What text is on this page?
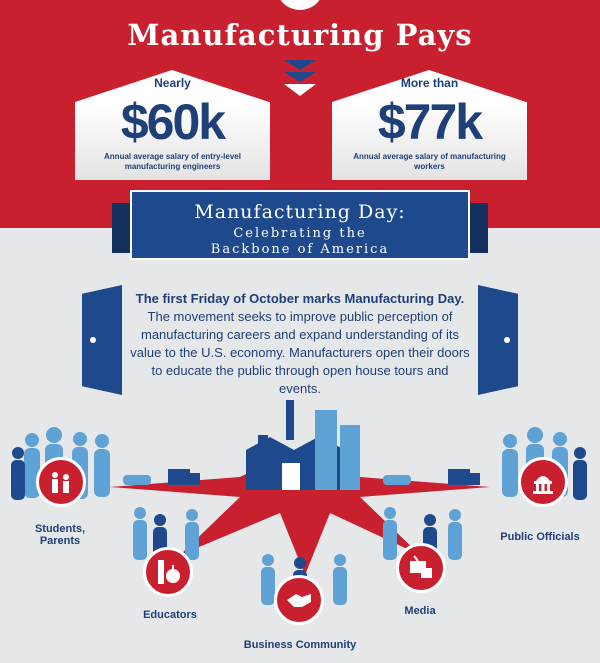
Manufacturing Pays
Nearly
$60k
Annual average salary of entry-level manufacturing engineers
More than
$77k
Annual average salary of manufacturing workers
Manufacturing Day:
Celebrating the
Backbone of America
The first Friday of October marks Manufacturing Day.
The movement seeks to improve public perception of manufacturing careers and expand understanding of its value to the U.S. economy. Manufacturers open their doors to educate the public through open house tours and events.
Students, Parents
Educators
Business Community
Media
Public Officials
